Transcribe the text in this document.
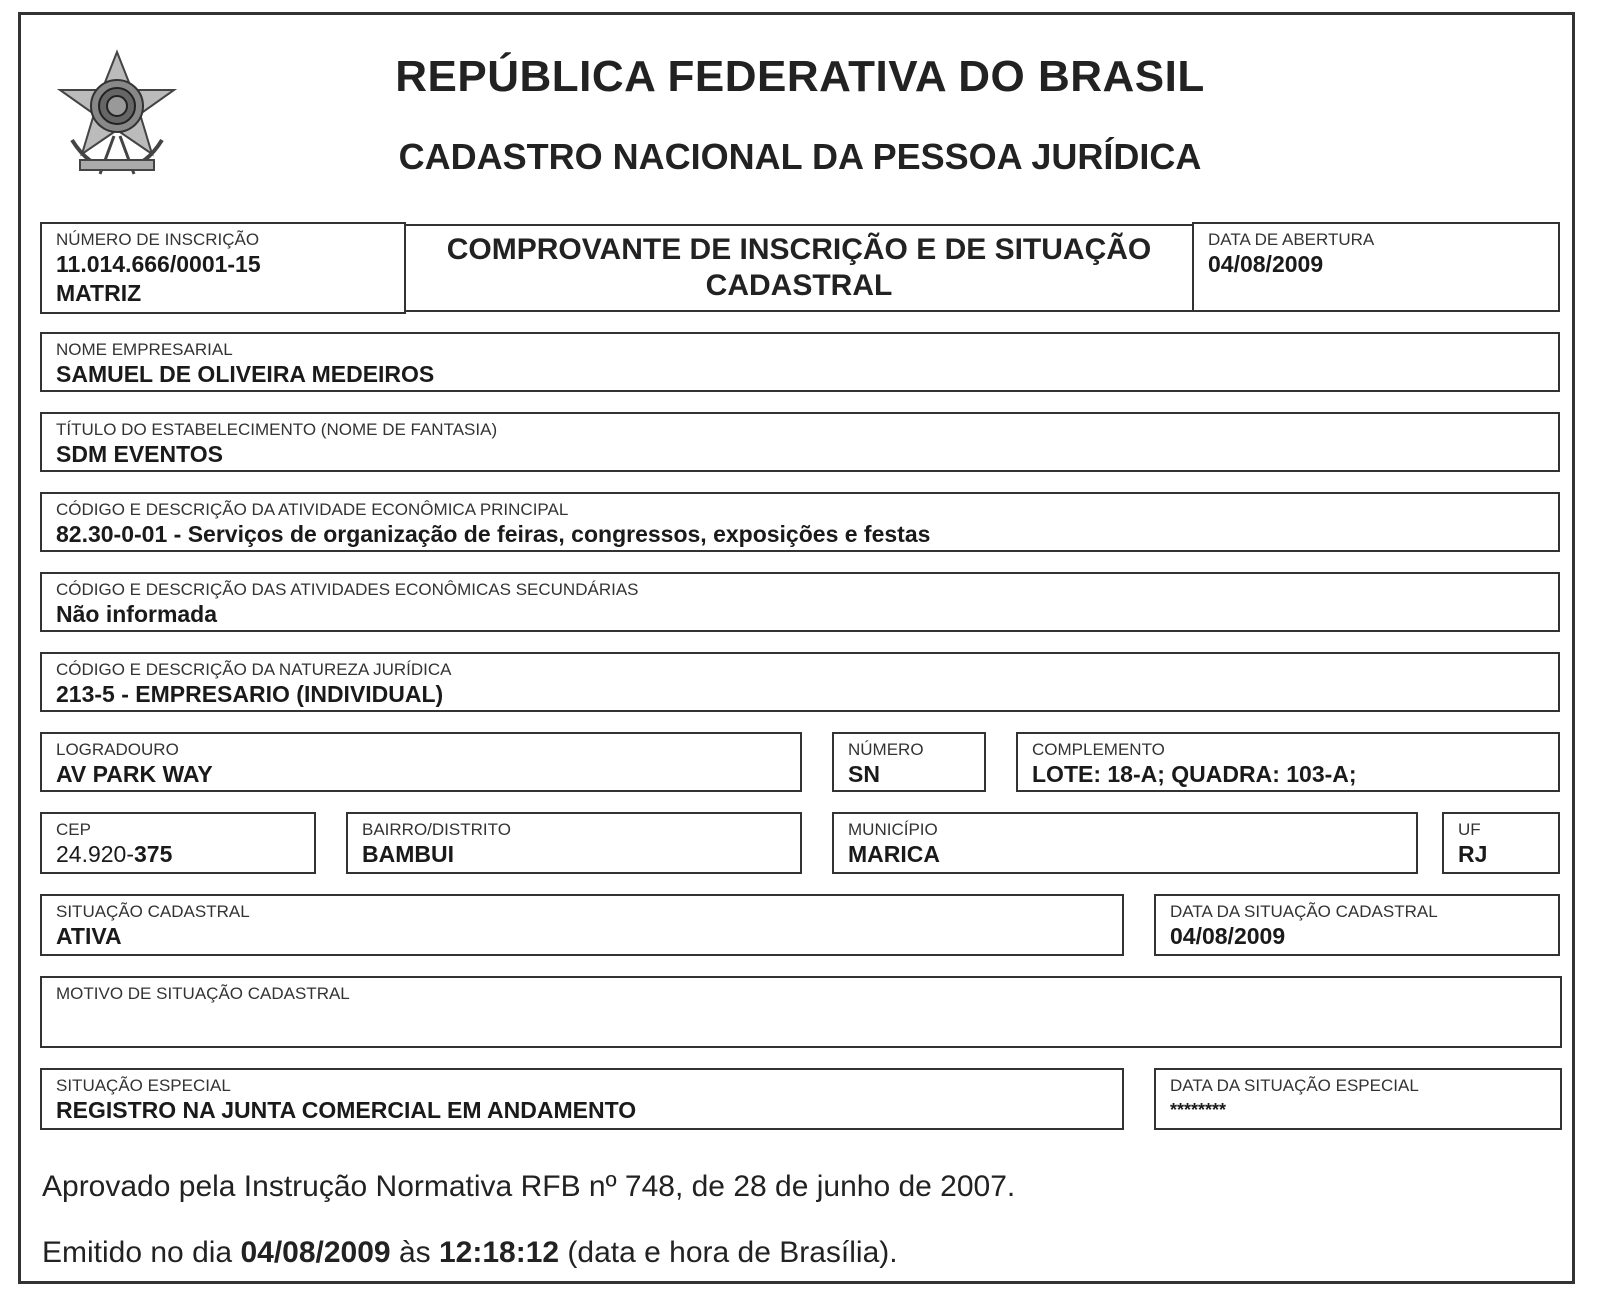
REPÚBLICA FEDERATIVA DO BRASIL
CADASTRO NACIONAL DA PESSOA JURÍDICA
NÚMERO DE INSCRIÇÃO
11.014.666/0001-15
MATRIZ
COMPROVANTE DE INSCRIÇÃO E DE SITUAÇÃO
CADASTRAL
DATA DE ABERTURA
04/08/2009
NOME EMPRESARIAL
SAMUEL DE OLIVEIRA MEDEIROS
TÍTULO DO ESTABELECIMENTO (NOME DE FANTASIA)
SDM EVENTOS
CÓDIGO E DESCRIÇÃO DA ATIVIDADE ECONÔMICA PRINCIPAL
82.30-0-01 - Serviços de organização de feiras, congressos, exposições e festas
CÓDIGO E DESCRIÇÃO DAS ATIVIDADES ECONÔMICAS SECUNDÁRIAS
Não informada
CÓDIGO E DESCRIÇÃO DA NATUREZA JURÍDICA
213-5 - EMPRESARIO (INDIVIDUAL)
LOGRADOURO
AV PARK WAY
NÚMERO
SN
COMPLEMENTO
LOTE: 18-A; QUADRA: 103-A;
CEP
24.920-375
BAIRRO/DISTRITO
BAMBUI
MUNICÍPIO
MARICA
UF
RJ
SITUAÇÃO CADASTRAL
ATIVA
DATA DA SITUAÇÃO CADASTRAL
04/08/2009
MOTIVO DE SITUAÇÃO CADASTRAL
SITUAÇÃO ESPECIAL
REGISTRO NA JUNTA COMERCIAL EM ANDAMENTO
DATA DA SITUAÇÃO ESPECIAL
********
Aprovado pela Instrução Normativa RFB nº 748, de 28 de junho de 2007.
Emitido no dia 04/08/2009 às 12:18:12 (data e hora de Brasília).
